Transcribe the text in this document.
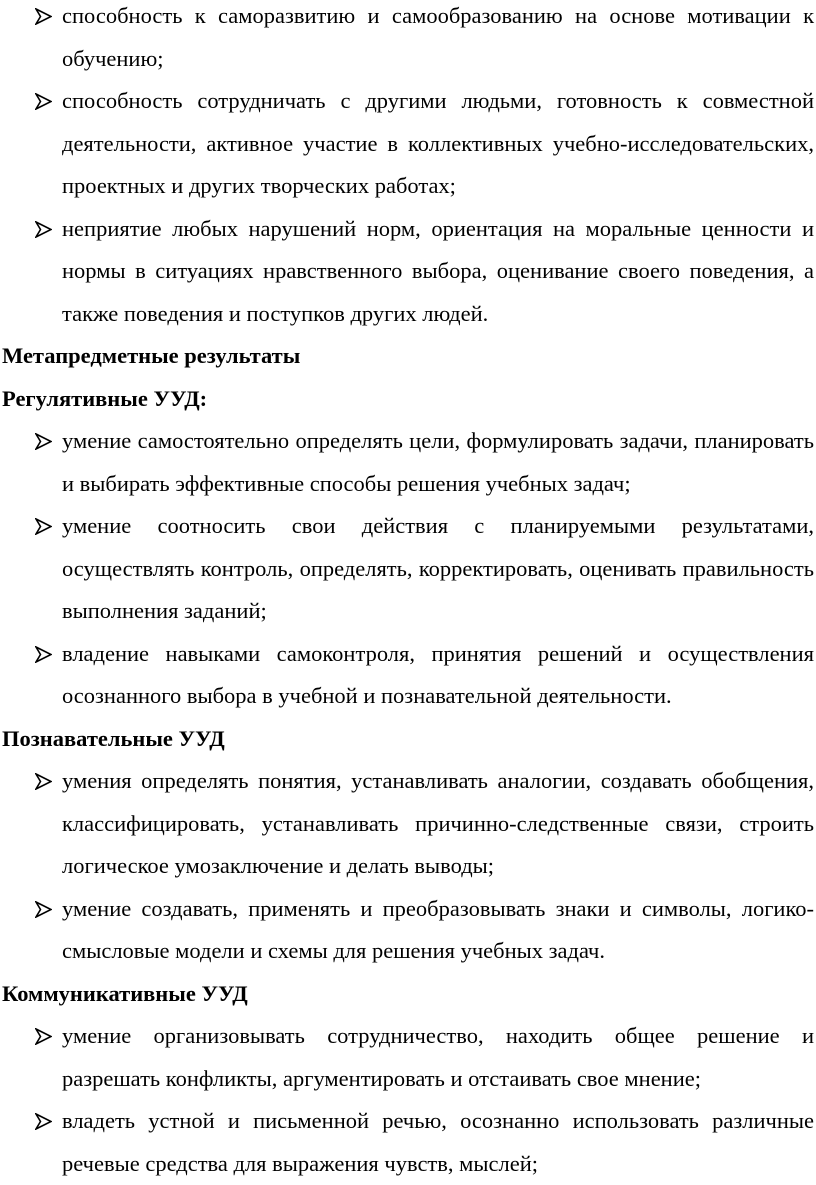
способность к саморазвитию и самообразованию на основе мотивации к обучению;
способность сотрудничать с другими людьми, готовность к совместной деятельности, активное участие в коллективных учебно-исследовательских, проектных и других творческих работах;
неприятие любых нарушений норм, ориентация на моральные ценности и нормы в ситуациях нравственного выбора, оценивание своего поведения, а также поведения и поступков других людей.
Метапредметные результаты
Регулятивные УУД:
умение самостоятельно определять цели, формулировать задачи, планировать и выбирать эффективные способы решения учебных задач;
умение соотносить свои действия с планируемыми результатами, осуществлять контроль, определять, корректировать, оценивать правильность выполнения заданий;
владение навыками самоконтроля, принятия решений и осуществления осознанного выбора в учебной и познавательной деятельности.
Познавательные УУД
умения определять понятия, устанавливать аналогии, создавать обобщения, классифицировать, устанавливать причинно-следственные связи, строить логическое умозаключение и делать выводы;
умение создавать, применять и преобразовывать знаки и символы, логико-смысловые модели и схемы для решения учебных задач.
Коммуникативные УУД
умение организовывать сотрудничество, находить общее решение и разрешать конфликты, аргументировать и отстаивать свое мнение;
владеть устной и письменной речью, осознанно использовать различные речевые средства для выражения чувств, мыслей;
